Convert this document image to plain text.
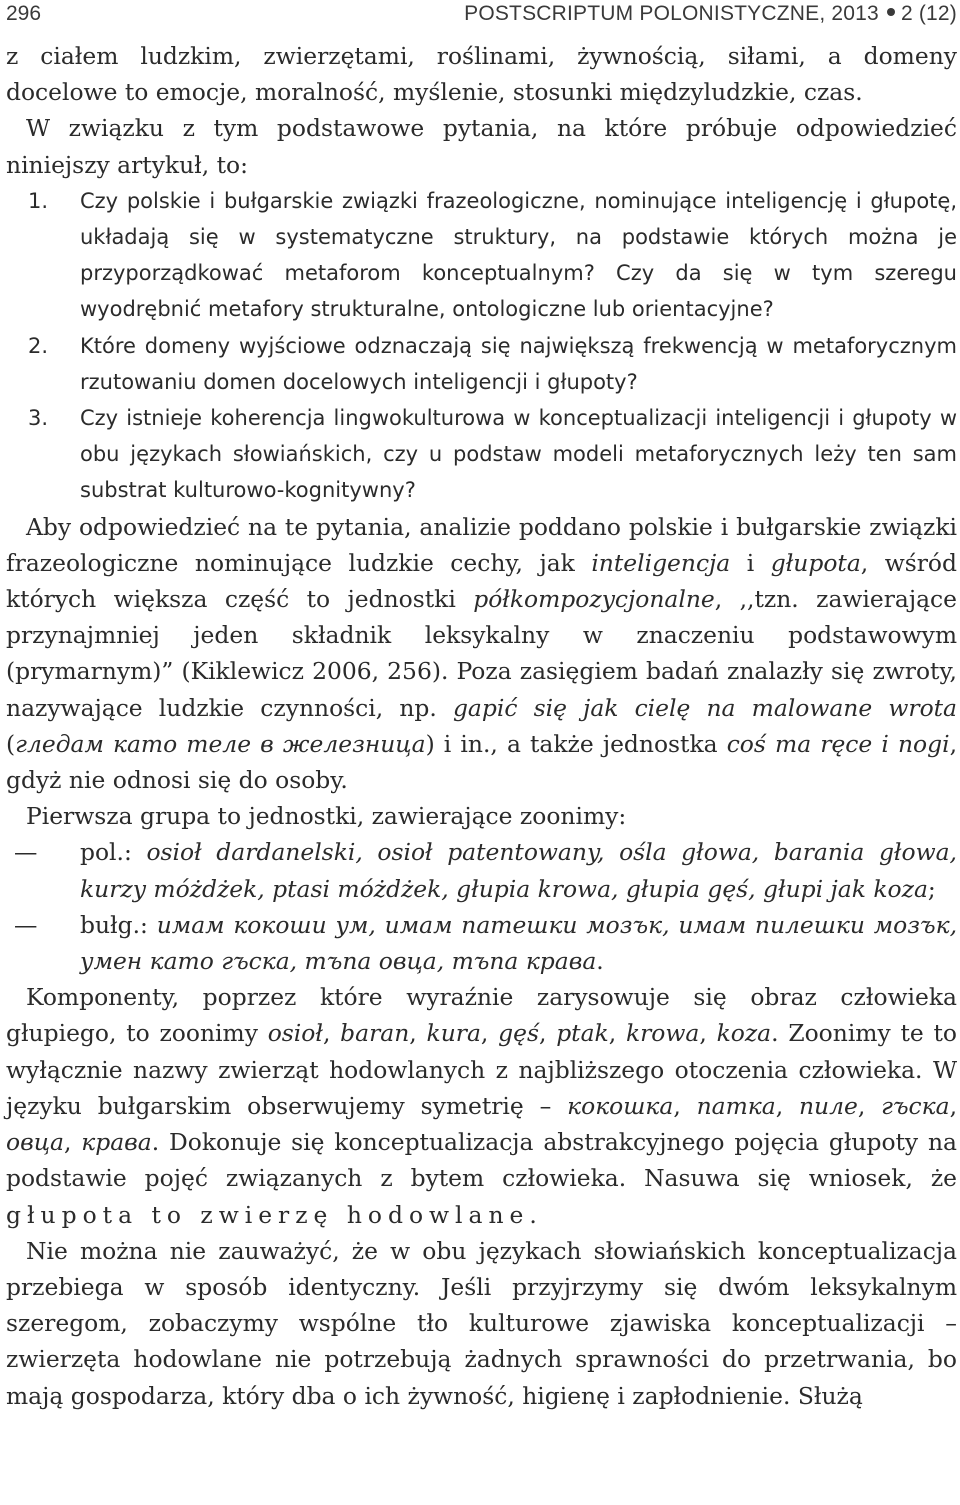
296	POSTSCRIPTUM POLONISTYCZNE, 2013 2 (12)

z ciałem ludzkim, zwierzętami, roślinami, żywnością, siłami, a domeny docelowe to emocje, moralność, myślenie, stosunki międzyludzkie, czas.

W związku z tym podstawowe pytania, na które próbuje odpowiedzieć niniejszy artykuł, to:

1. Czy polskie i bułgarskie związki frazeologiczne, nominujące inteligencję i głupotę, układają się w systematyczne struktury, na podstawie których można je przyporządkować metaforom konceptualnym? Czy da się w tym szeregu wyodrębnić metafory strukturalne, ontologiczne lub orientacyjne?
2. Które domeny wyjściowe odznaczają się największą frekwencją w metaforycznym rzutowaniu domen docelowych inteligencji i głupoty?
3. Czy istnieje koherencja lingwokulturowa w konceptualizacji inteligencji i głupoty w obu językach słowiańskich, czy u podstaw modeli metaforycznych leży ten sam substrat kulturowo-kognitywny?

Aby odpowiedzieć na te pytania, analizie poddano polskie i bułgarskie związki frazeologiczne nominujące ludzkie cechy, jak inteligencja i głupota, wśród których większa część to jednostki półkompozycjonalne, ,,tzn. zawierające przynajmniej jeden składnik leksykalny w znaczeniu podstawowym (prymarnym)” (Kiklewicz 2006, 256). Poza zasięgiem badań znalazły się zwroty, nazywające ludzkie czynności, np. gapić się jak cielę na malowane wrota (гледам като теле в железница) i in., a także jednostka coś ma ręce i nogi, gdyż nie odnosi się do osoby.

Pierwsza grupa to jednostki, zawierające zoonimy:

— pol.: osioł dardanelski, osioł patentowany, ośla głowa, barania głowa, kurzy móżdżek, ptasi móżdżek, głupia krowa, głupia gęś, głupi jak koza;
— bułg.: имам кокоши ум, имам патешки мозък, имам пилешки мозък, умен като гъска, тъпа овца, тъпа крава.

Komponenty, poprzez które wyraźnie zarysowuje się obraz człowieka głupiego, to zoonimy osioł, baran, kura, gęś, ptak, krowa, koza. Zoonimy te to wyłącznie nazwy zwierząt hodowlanych z najbliższego otoczenia człowieka. W języku bułgarskim obserwujemy symetrię – кокошка, патка, пиле, гъска, овца, крава. Dokonuje się konceptualizacja abstrakcyjnego pojęcia głupoty na podstawie pojęć związanych z bytem człowieka. Nasuwa się wniosek, że głupota to zwierzę hodowlane.

Nie można nie zauważyć, że w obu językach słowiańskich konceptualizacja przebiega w sposób identyczny. Jeśli przyjrzymy się dwóm leksykalnym szeregom, zobaczymy wspólne tło kulturowe zjawiska konceptualizacji – zwierzęta hodowlane nie potrzebują żadnych sprawności do przetrwania, bo mają gospodarza, który dba o ich żywność, higienę i zapłodnienie. Służą
